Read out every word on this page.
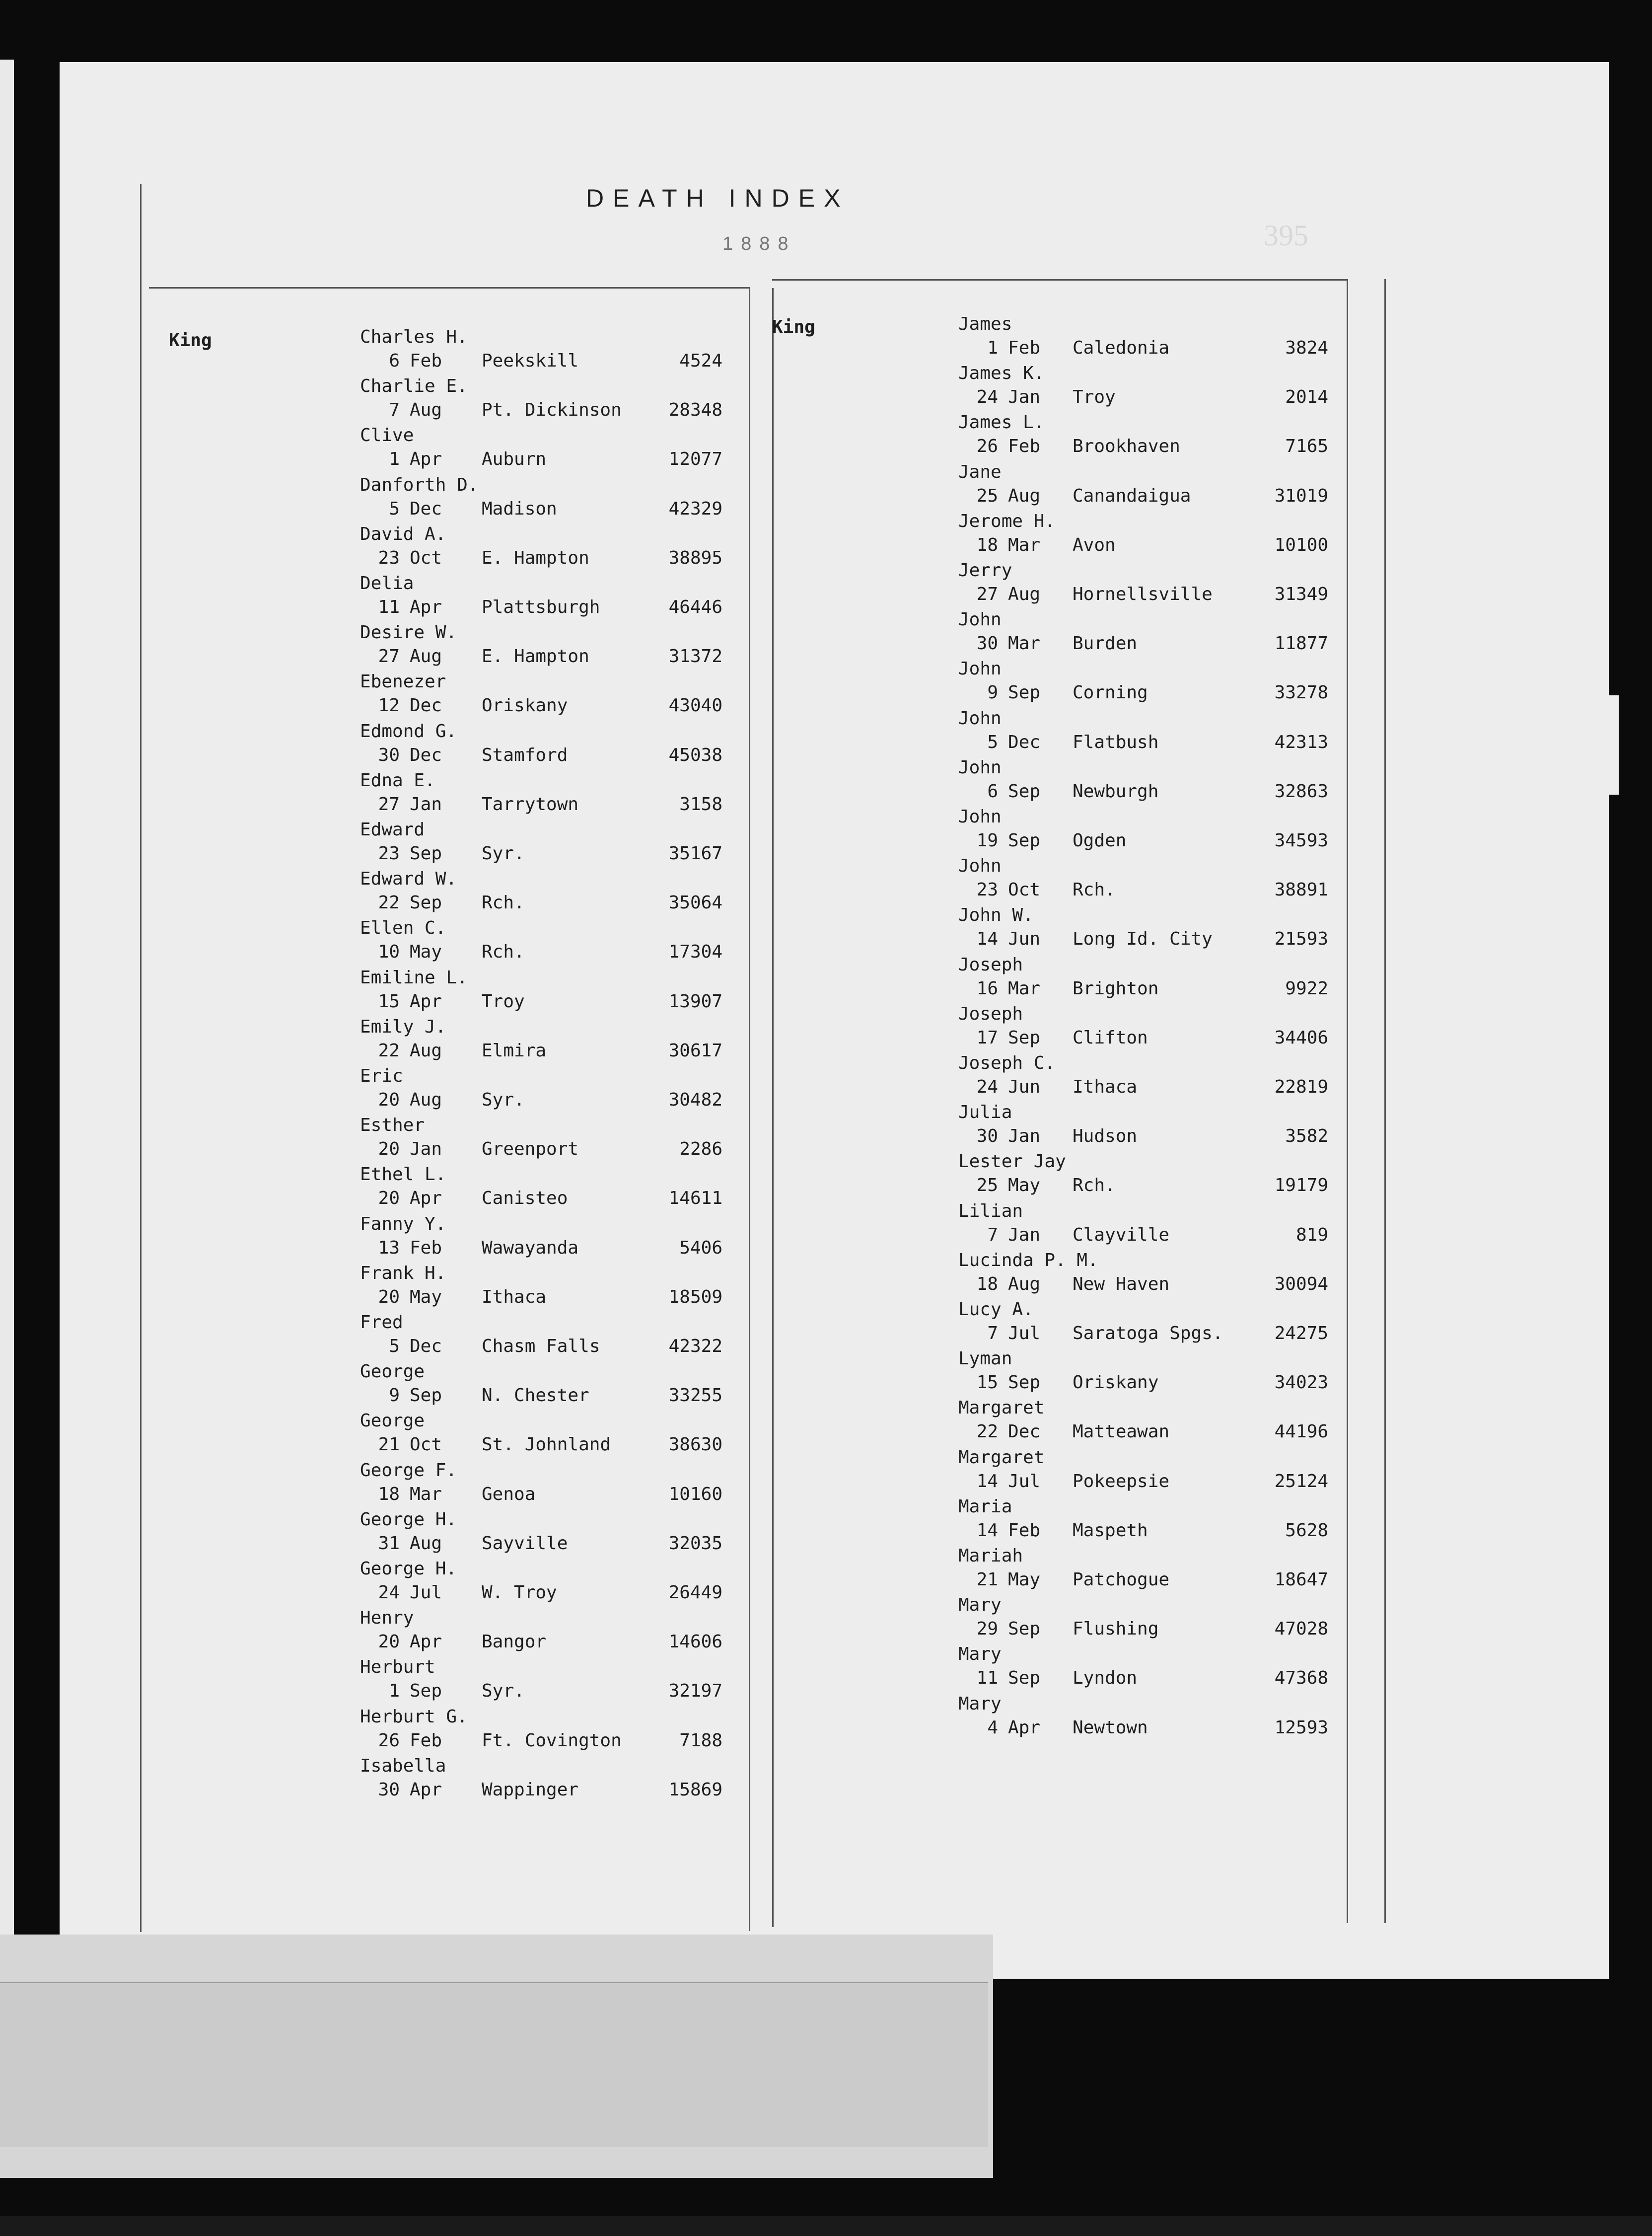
DEATH INDEX
1888	395
King
King
Charles H.
6 Feb Peekskill	4524
Charlie E.
7 Aug Pt. Dickinson	28348
Clive
1 Apr Auburn	12077
Danforth D.
5 Dec Madison	42329
David A.
23 Oct E. Hampton	38895
Delia
11 Apr Plattsburgh	46446
Desire W.
27 Aug E. Hampton	31372
Ebenezer
12 Dec Oriskany	43040
Edmond G.
30 Dec Stamford	45038
Edna E.
27 Jan Tarrytown	3158
Edward
23 Sep Syr.	35167
Edward W.
22 Sep Rch.	35064
Ellen C.
10 May Rch.	17304
Emiline L.
15 Apr Troy	13907
Emily J.
22 Aug Elmira	30617
Eric
20 Aug Syr.	30482
Esther
20 Jan Greenport	2286
Ethel L.
20 Apr Canisteo	14611
Fanny Y.
13 Feb Wawayanda	5406
Frank H.
20 May Ithaca	18509
Fred
5 Dec Chasm Falls	42322
George
9 Sep N. Chester	33255
George
21 Oct St. Johnland	38630
George F.
18 Mar Genoa	10160
George H.
31 Aug Sayville	32035
George H.
24 Jul W. Troy	26449
Henry
20 Apr Bangor	14606
Herburt
1 Sep Syr.	32197
Herburt G.
26 Feb Ft. Covington	7188
Isabella
30 Apr Wappinger	15869
James
1 Feb Caledonia	3824
James K.
24 Jan Troy	2014
James L.
26 Feb Brookhaven	7165
Jane
25 Aug Canandaigua	31019
Jerome H.
18 Mar Avon	10100
Jerry
27 Aug Hornellsville	31349
John
30 Mar Burden	11877
John
9 Sep Corning	33278
John
5 Dec Flatbush	42313
John
6 Sep Newburgh	32863
John
19 Sep Ogden	34593
John
23 Oct Rch.	38891
John W.
14 Jun Long Id. City	21593
Joseph
16 Mar Brighton	9922
Joseph
17 Sep Clifton	34406
Joseph C.
24 Jun Ithaca	22819
Julia
30 Jan Hudson	3582
Lester Jay
25 May Rch.	19179
Lilian
7 Jan Clayville	819
Lucinda P. M.
18 Aug New Haven	30094
Lucy A.
7 Jul Saratoga Spgs.	24275
Lyman
15 Sep Oriskany	34023
Margaret
22 Dec Matteawan	44196
Margaret
14 Jul Pokeepsie	25124
Maria
14 Feb Maspeth	5628
Mariah
21 May Patchogue	18647
Mary
29 Sep Flushing	47028
Mary
11 Sep Lyndon	47368
Mary
4 Apr Newtown	12593
